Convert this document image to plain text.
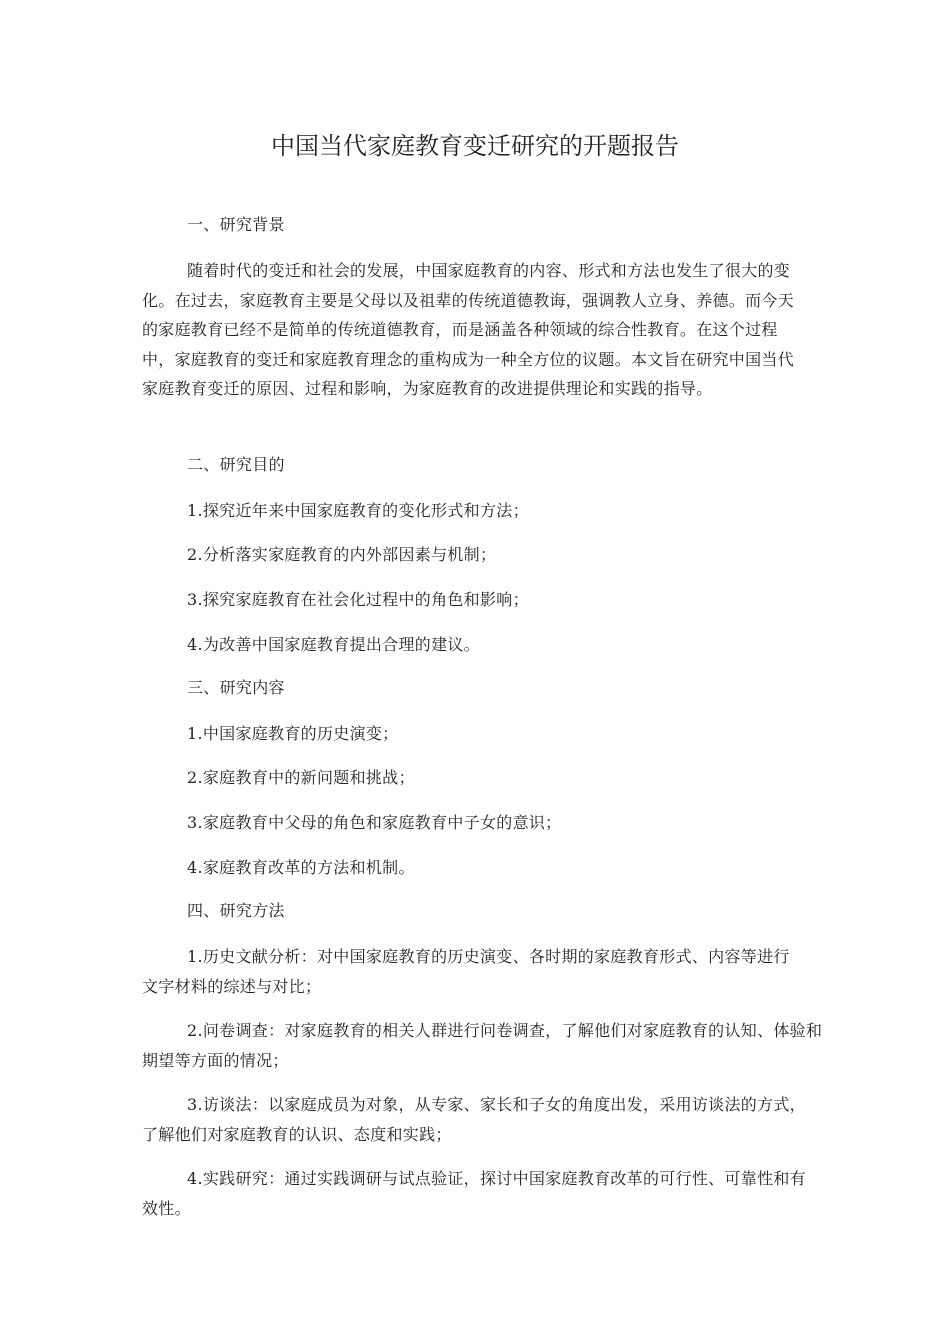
中国当代家庭教育变迁研究的开题报告

一、研究背景

随着时代的变迁和社会的发展，中国家庭教育的内容、形式和方法也发生了很大的变化。在过去，家庭教育主要是父母以及祖辈的传统道德教诲，强调教人立身、养德。而今天的家庭教育已经不是简单的传统道德教育，而是涵盖各种领域的综合性教育。在这个过程中，家庭教育的变迁和家庭教育理念的重构成为一种全方位的议题。本文旨在研究中国当代家庭教育变迁的原因、过程和影响，为家庭教育的改进提供理论和实践的指导。

二、研究目的

1.探究近年来中国家庭教育的变化形式和方法；

2.分析落实家庭教育的内外部因素与机制；

3.探究家庭教育在社会化过程中的角色和影响；

4.为改善中国家庭教育提出合理的建议。

三、研究内容

1.中国家庭教育的历史演变；

2.家庭教育中的新问题和挑战；

3.家庭教育中父母的角色和家庭教育中子女的意识；

4.家庭教育改革的方法和机制。

四、研究方法

1.历史文献分析：对中国家庭教育的历史演变、各时期的家庭教育形式、内容等进行文字材料的综述与对比；

2.问卷调查：对家庭教育的相关人群进行问卷调查，了解他们对家庭教育的认知、体验和期望等方面的情况；

3.访谈法：以家庭成员为对象，从专家、家长和子女的角度出发，采用访谈法的方式，了解他们对家庭教育的认识、态度和实践；

4.实践研究：通过实践调研与试点验证，探讨中国家庭教育改革的可行性、可靠性和有效性。
